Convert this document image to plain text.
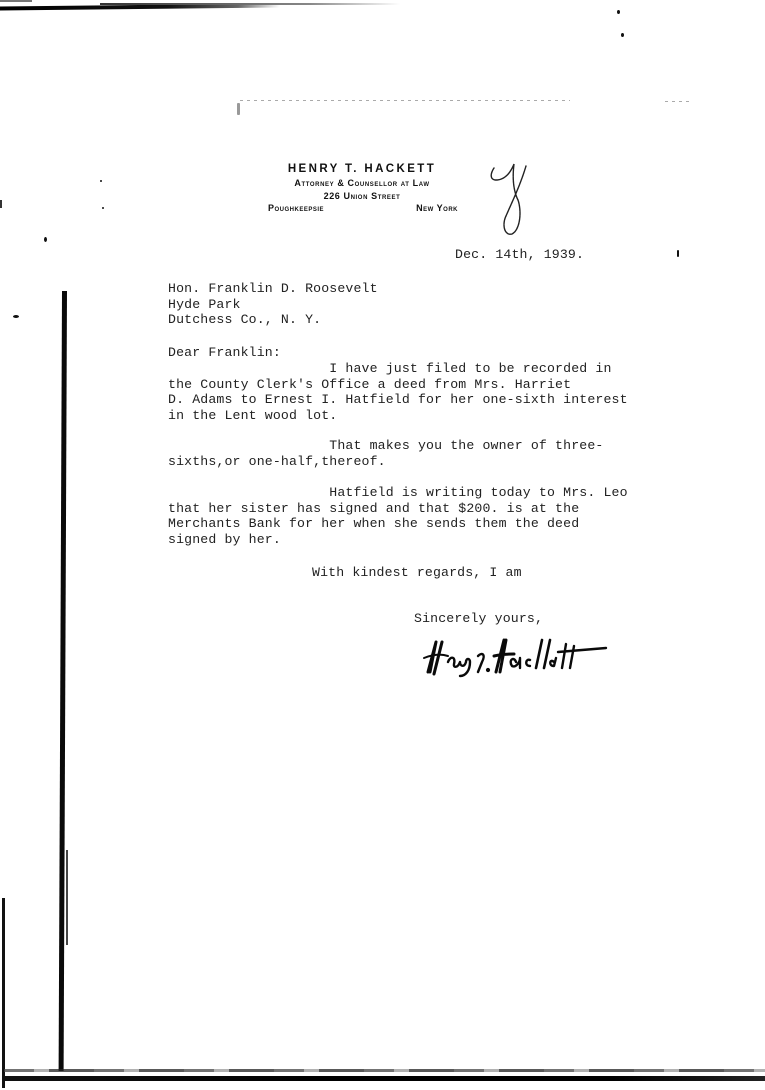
HENRY T. HACKETT
Attorney & Counsellor at Law
226 Union Street
Poughkeepsie	New York
Dec. 14th, 1939.
Hon. Franklin D. Roosevelt
Hyde Park
Dutchess Co., N. Y.
Dear Franklin:
I have just filed to be recorded in
the County Clerk's Office a deed from Mrs. Harriet
D. Adams to Ernest I. Hatfield for her one-sixth interest
in the Lent wood lot.
That makes you the owner of three-
sixths,or one-half,thereof.
Hatfield is writing today to Mrs. Leo
that her sister has signed and that $200. is at the
Merchants Bank for her when she sends them the deed
signed by her.
With kindest regards, I am
Sincerely yours,
